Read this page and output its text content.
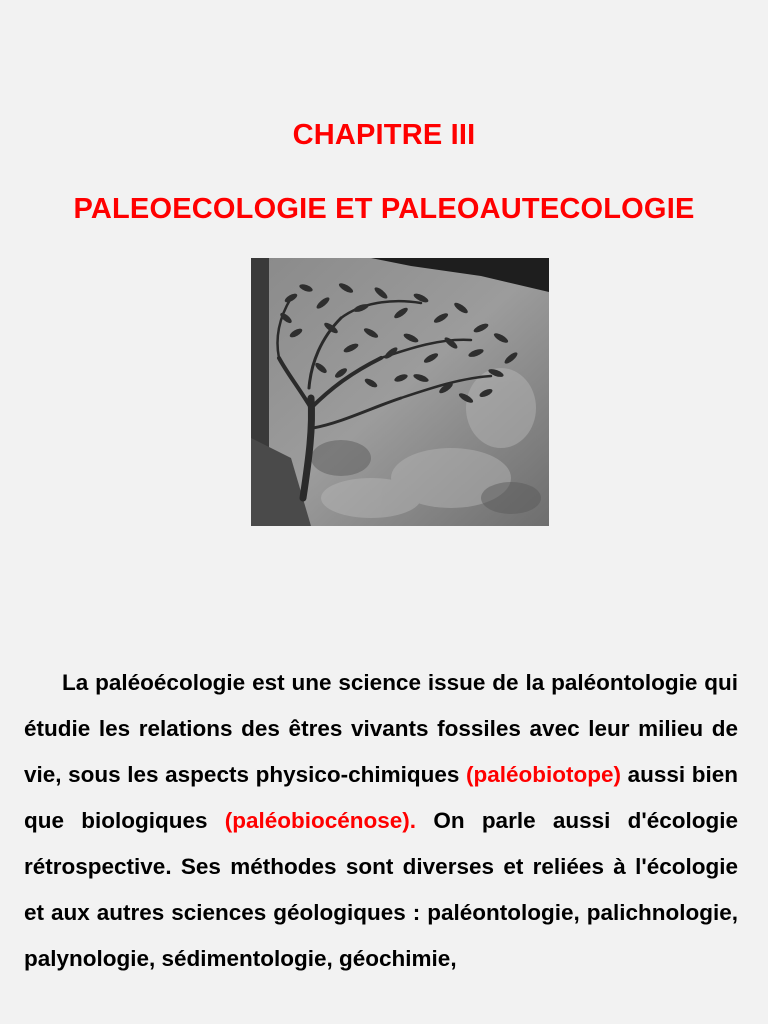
CHAPITRE III
PALEOECOLOGIE ET PALEOAUTECOLOGIE

La paléoécologie est une science issue de la paléontologie qui étudie les relations des êtres vivants fossiles avec leur milieu de vie, sous les aspects physico-chimiques (paléobiotope) aussi bien que biologiques (paléobiocénose). On parle aussi d'écologie rétrospective. Ses méthodes sont diverses et reliées à l'écologie et aux autres sciences géologiques : paléontologie, palichnologie, palynologie, sédimentologie, géochimie,
